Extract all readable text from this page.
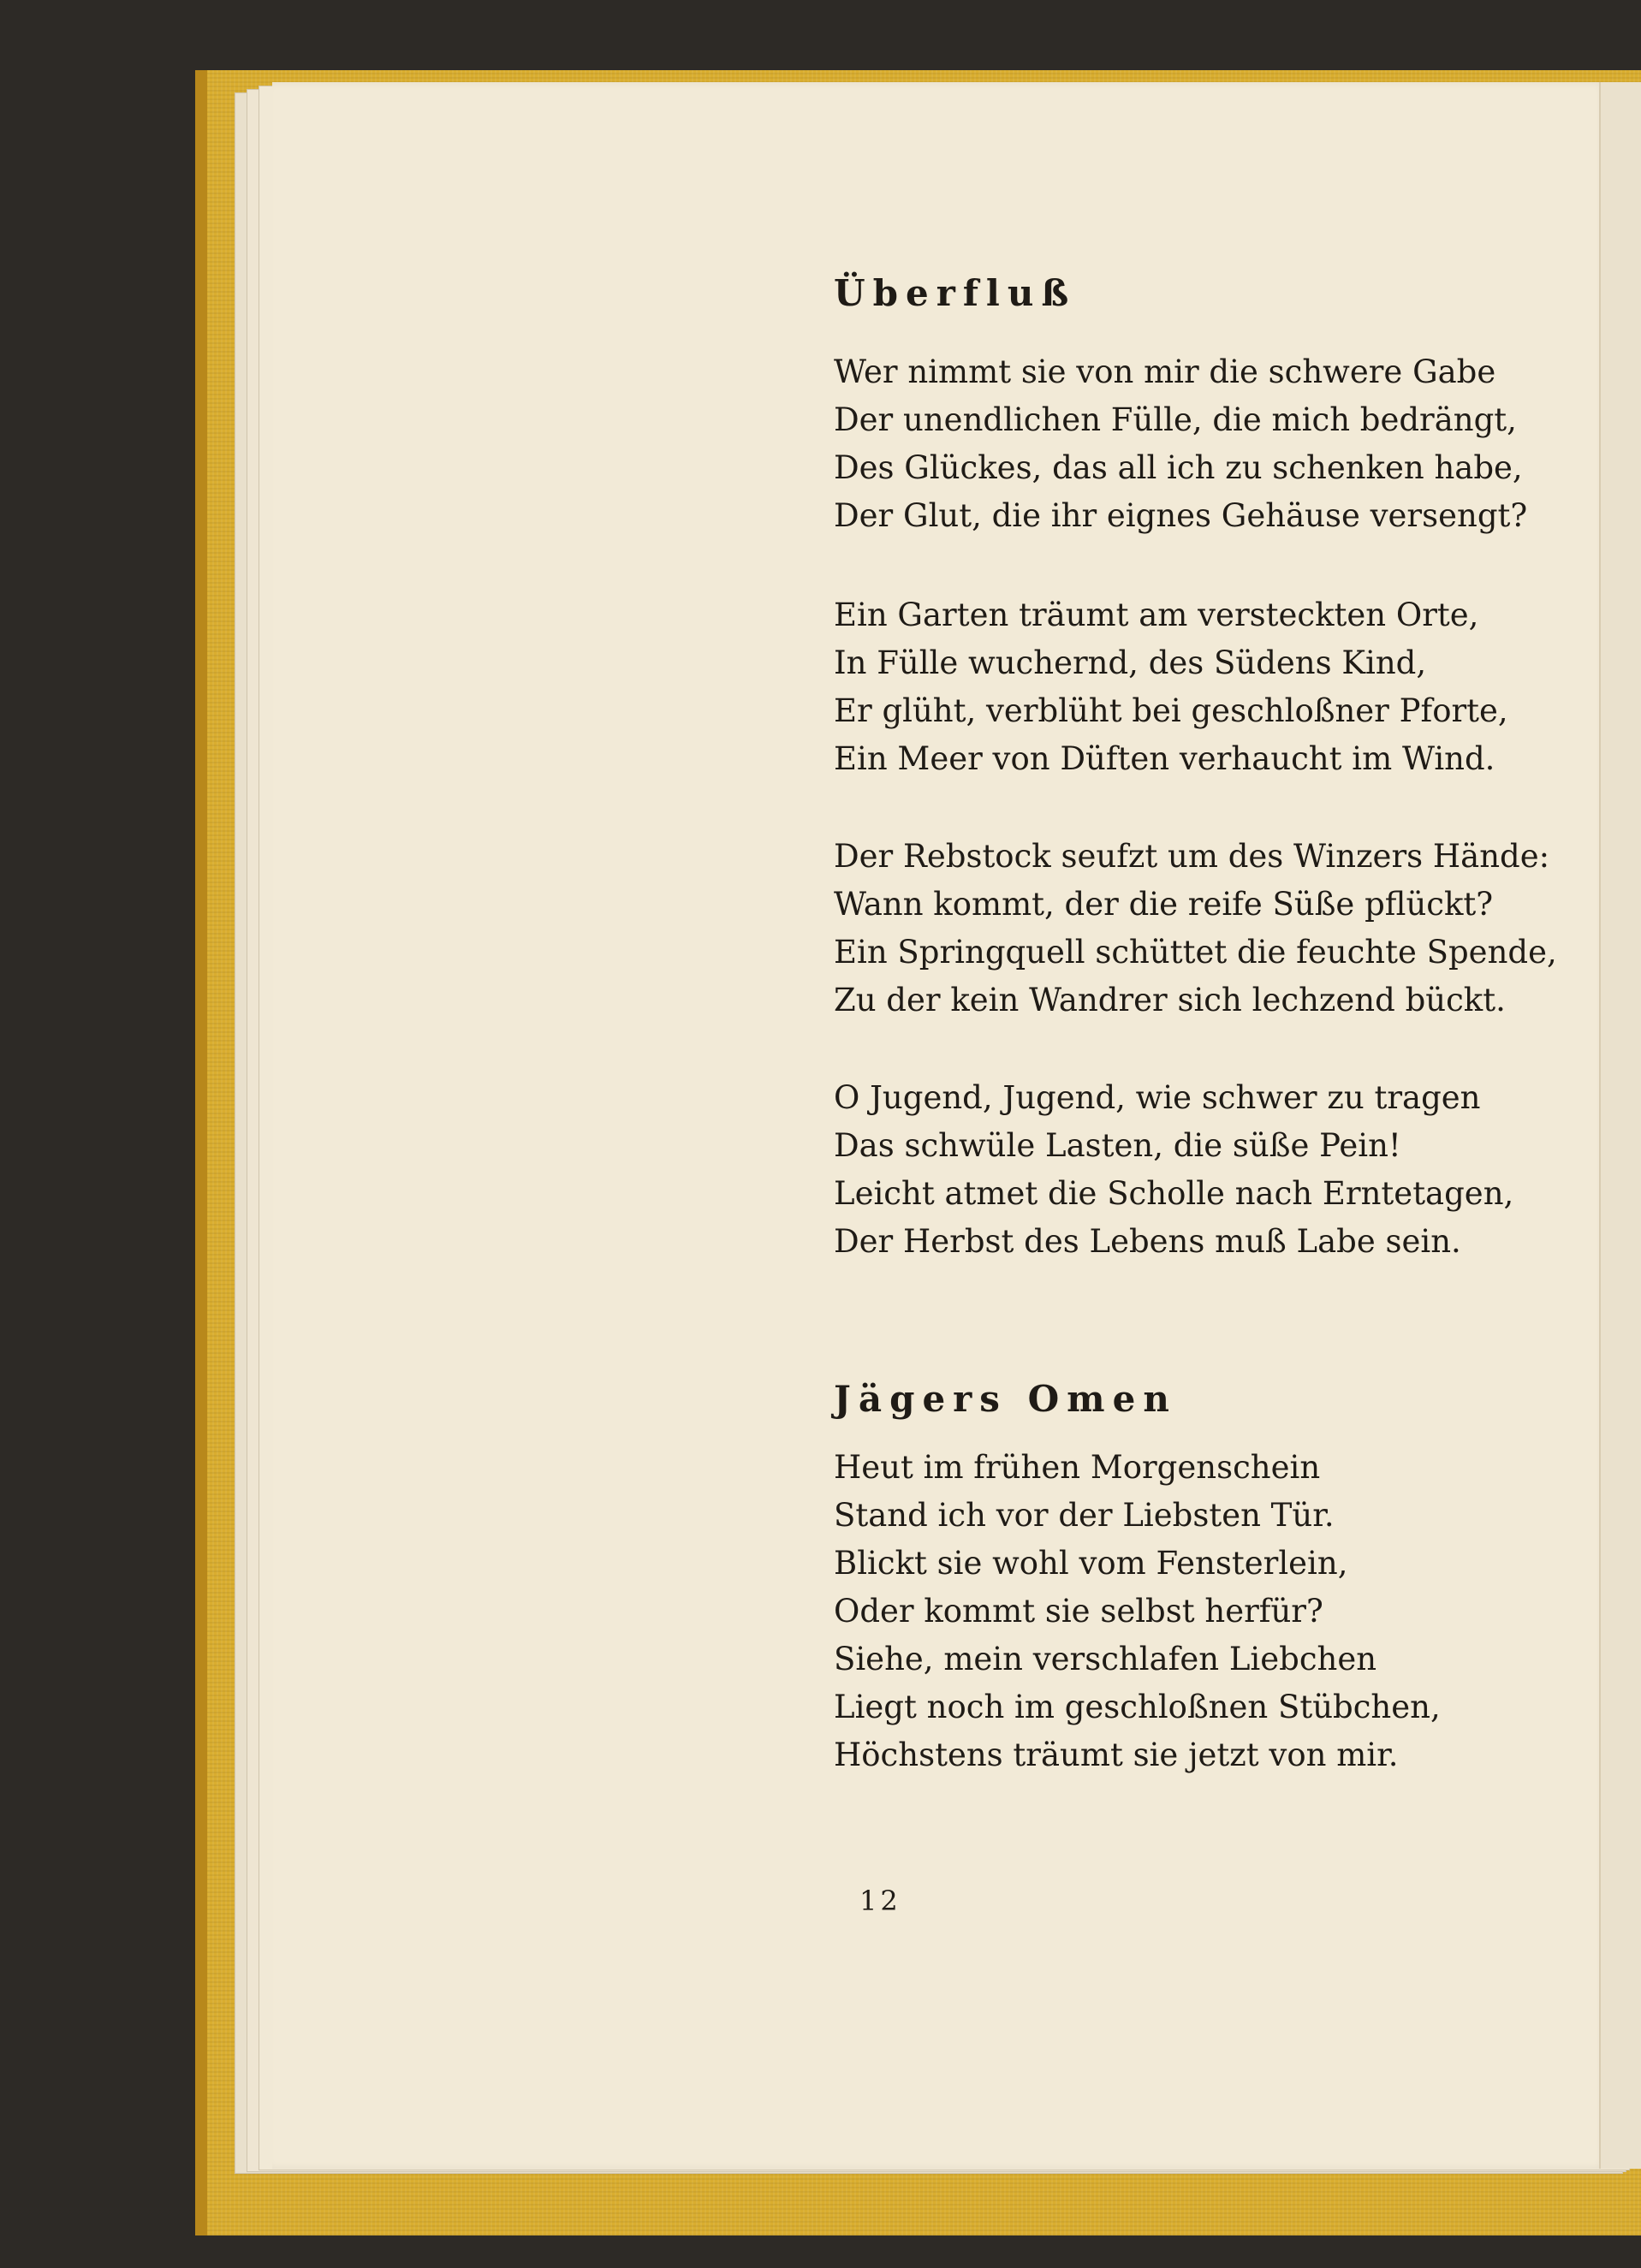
Überfluß

Wer nimmt sie von mir die schwere Gabe

Der unendlichen Fülle, die mich bedrängt,

Des Glückes, das all ich zu schenken habe,

Der Glut, die ihr eignes Gehäuse versengt?

Ein Garten träumt am versteckten Orte,

In Fülle wuchernd, des Südens Kind,

Er glüht, verblüht bei geschloßner Pforte,

Ein Meer von Düften verhaucht im Wind.

Der Rebstock seufzt um des Winzers Hände:

Wann kommt, der die reife Süße pflückt?

Ein Springquell schüttet die feuchte Spende,

Zu der kein Wandrer sich lechzend bückt.

O Jugend, Jugend, wie schwer zu tragen

Das schwüle Lasten, die süße Pein!

Leicht atmet die Scholle nach Erntetagen,

Der Herbst des Lebens muß Labe sein.

Jägers Omen

Heut im frühen Morgenschein

Stand ich vor der Liebsten Tür.

Blickt sie wohl vom Fensterlein,

Oder kommt sie selbst herfür?

Siehe, mein verschlafen Liebchen

Liegt noch im geschloßnen Stübchen,

Höchstens träumt sie jetzt von mir.

12
